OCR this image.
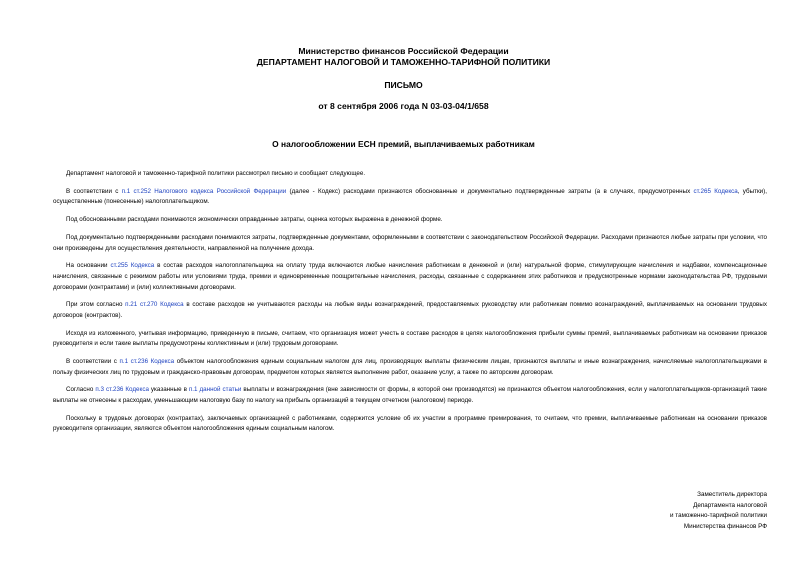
Министерство финансов Российской Федерации
ДЕПАРТАМЕНТ НАЛОГОВОЙ И ТАМОЖЕННО-ТАРИФНОЙ ПОЛИТИКИ
ПИСЬМО
от 8 сентября 2006 года N 03-03-04/1/658
О налогообложении ЕСН премий, выплачиваемых работникам

Департамент налоговой и таможенно-тарифной политики рассмотрел письмо и сообщает следующее.

В соответствии с п.1 ст.252 Налогового кодекса Российской Федерации (далее - Кодекс) расходами признаются обоснованные и документально подтвержденные затраты (а в случаях, предусмотренных ст.265 Кодекса, убытки), осуществленные (понесенные) налогоплательщиком.

Под обоснованными расходами понимаются экономически оправданные затраты, оценка которых выражена в денежной форме.

Под документально подтвержденными расходами понимаются затраты, подтвержденные документами, оформленными в соответствии с законодательством Российской Федерации. Расходами признаются любые затраты при условии, что они произведены для осуществления деятельности, направленной на получение дохода.

На основании ст.255 Кодекса в состав расходов налогоплательщика на оплату труда включаются любые начисления работникам в денежной и (или) натуральной форме, стимулирующие начисления и надбавки, компенсационные начисления, связанные с режимом работы или условиями труда, премии и единовременные поощрительные начисления, расходы, связанные с содержанием этих работников и предусмотренные нормами законодательства РФ, трудовыми договорами (контрактами) и (или) коллективными договорами.

При этом согласно п.21 ст.270 Кодекса в составе расходов не учитываются расходы на любые виды вознаграждений, предоставляемых руководству или работникам помимо вознаграждений, выплачиваемых на основании трудовых договоров (контрактов).

Исходя из изложенного, учитывая информацию, приведенную в письме, считаем, что организация может учесть в составе расходов в целях налогообложения прибыли суммы премий, выплачиваемых работникам на основании приказов руководителя и если такие выплаты предусмотрены коллективным и (или) трудовым договорами.

В соответствии с п.1 ст.236 Кодекса объектом налогообложения единым социальным налогом для лиц, производящих выплаты физическим лицам, признаются выплаты и иные вознаграждения, начисляемые налогоплательщиками в пользу физических лиц по трудовым и гражданско-правовым договорам, предметом которых является выполнение работ, оказание услуг, а также по авторским договорам.

Согласно п.3 ст.236 Кодекса указанные в п.1 данной статьи выплаты и вознаграждения (вне зависимости от формы, в которой они производятся) не признаются объектом налогообложения, если у налогоплательщиков-организаций такие выплаты не отнесены к расходам, уменьшающим налоговую базу по налогу на прибыль организаций в текущем отчетном (налоговом) периоде.

Поскольку в трудовых договорах (контрактах), заключаемых организацией с работниками, содержится условие об их участии в программе премирования, то считаем, что премии, выплачиваемые работникам на основании приказов руководителя организации, являются объектом налогообложения единым социальным налогом.

Заместитель директора
Департамента налоговой
и таможенно-тарифной политики
Министерства финансов РФ
